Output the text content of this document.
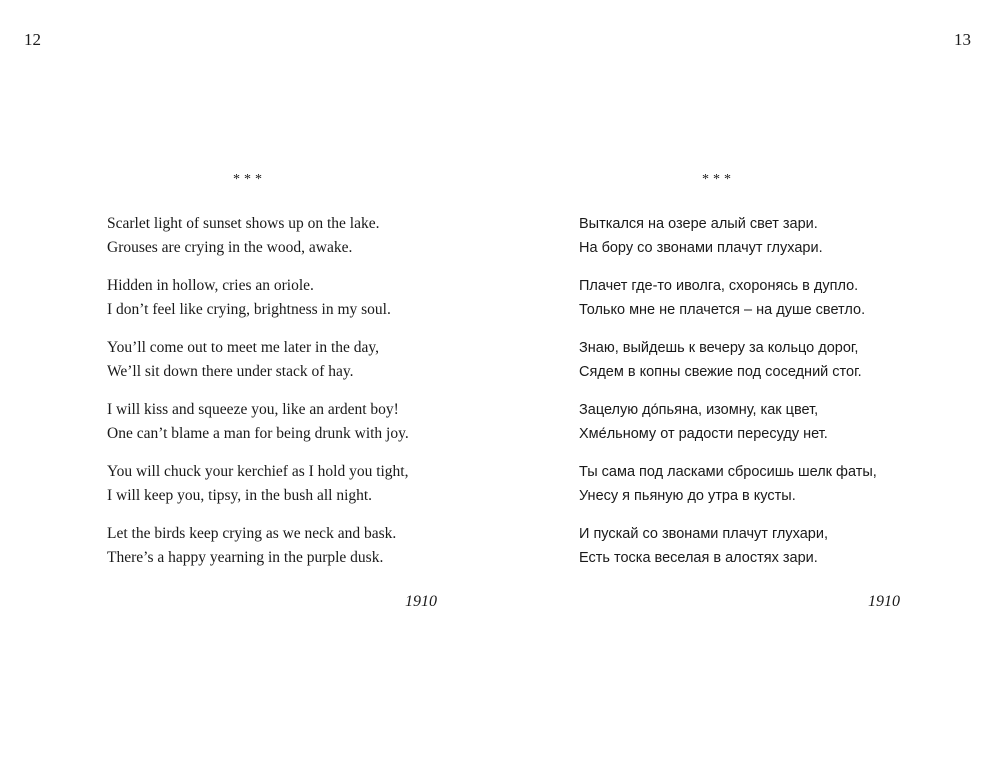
12	13
***
Scarlet light of sunset shows up on the lake.
Grouses are crying in the wood, awake.
Hidden in hollow, cries an oriole.
I don’t feel like crying, brightness in my soul.
You’ll come out to meet me later in the day,
We’ll sit down there under stack of hay.
I will kiss and squeeze you, like an ardent boy!
One can’t blame a man for being drunk with joy.
You will chuck your kerchief as I hold you tight,
I will keep you, tipsy, in the bush all night.
Let the birds keep crying as we neck and bask.
There’s a happy yearning in the purple dusk.
1910
***
Выткался на озере алый свет зари.
На бору со звонами плачут глухари.
Плачет где-то иволга, схоронясь в дупло.
Только мне не плачется – на душе светло.
Знаю, выйдешь к вечеру за кольцо дорог,
Сядем в копны свежие под соседний стог.
Зацелую до́пьяна, изомну, как цвет,
Хме́льному от радости пересуду нет.
Ты сама под ласками сбросишь шелк фаты,
Унесу я пьяную до утра в кусты.
И пускай со звонами плачут глухари,
Есть тоска веселая в алостях зари.
1910
